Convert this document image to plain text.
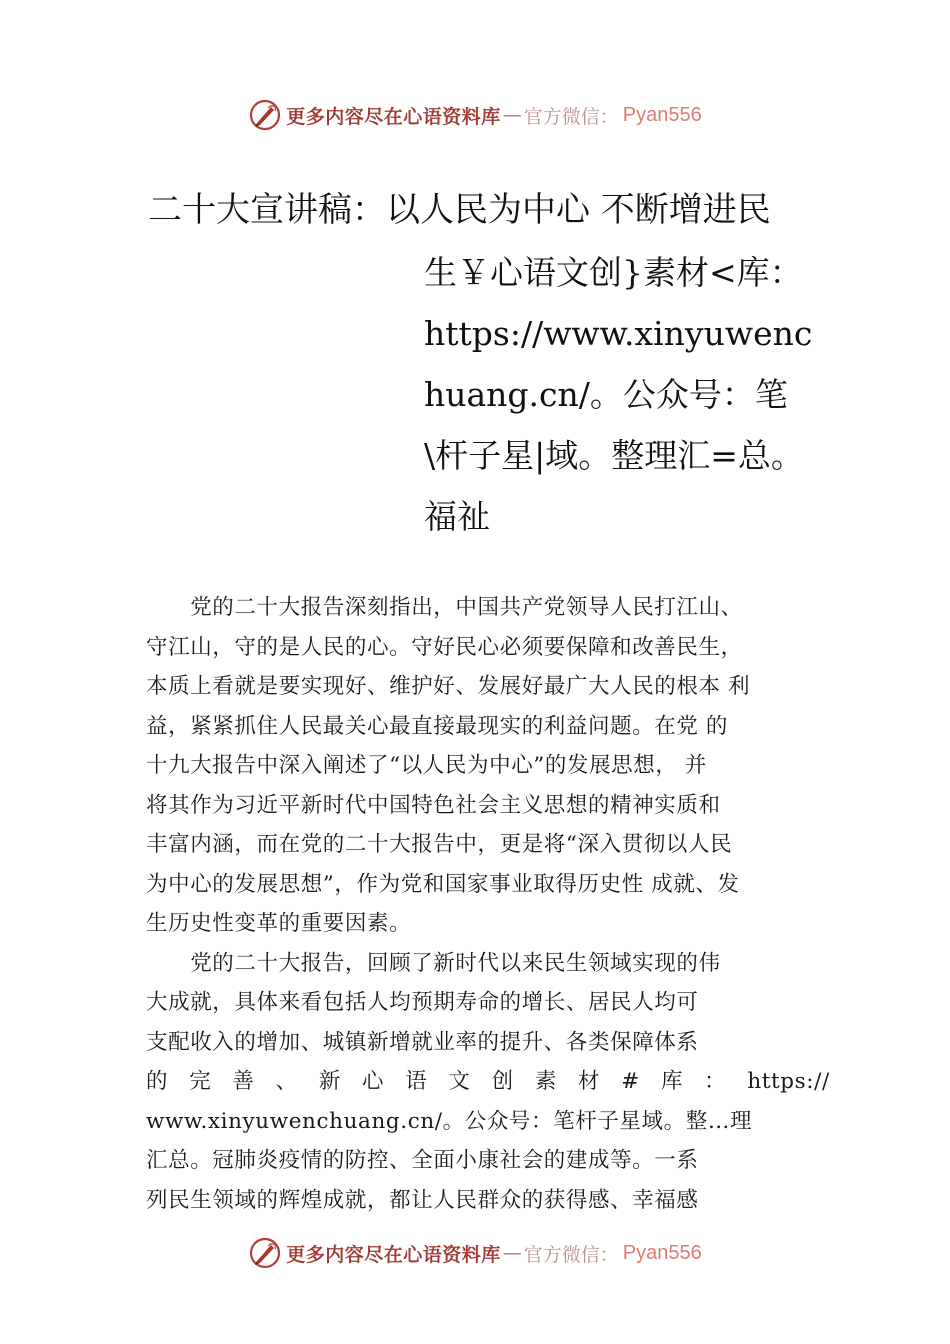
更多内容尽在心语资料库 — 官方微信： Pyan556
二十大宣讲稿：以人民为中心 不断增进民
生￥心语文创}素材<库：
https://www.xinyuwenc
huang.cn/。公众号：笔
\杆子星|域。整理汇=总。
福祉
　　党的二十大报告深刻指出，中国共产党领导人民打江山、
守江山，守的是人民的心。守好民心必须要保障和改善民生，
本质上看就是要实现好、维护好、发展好最广大人民的根本 利
益，紧紧抓住人民最关心最直接最现实的利益问题。在党 的
十九大报告中深入阐述了“以人民为中心”的发展思想， 并
将其作为习近平新时代中国特色社会主义思想的精神实质和
丰富内涵，而在党的二十大报告中，更是将“深入贯彻以人民
为中心的发展思想”，作为党和国家事业取得历史性 成就、发
生历史性变革的重要因素。
　　党的二十大报告，回顾了新时代以来民生领域实现的伟
大成就，具体来看包括人均预期寿命的增长、居民人均可
支配收入的增加、城镇新增就业率的提升、各类保障体系
的 完 善 、 新 心 语 文 创 素 材 # 库 ： https://
www.xinyuwenchuang.cn/。公众号：笔杆子星域。整…理
汇总。冠肺炎疫情的防控、全面小康社会的建成等。一系
列民生领域的辉煌成就，都让人民群众的获得感、幸福感
更多内容尽在心语资料库 — 官方微信： Pyan556
